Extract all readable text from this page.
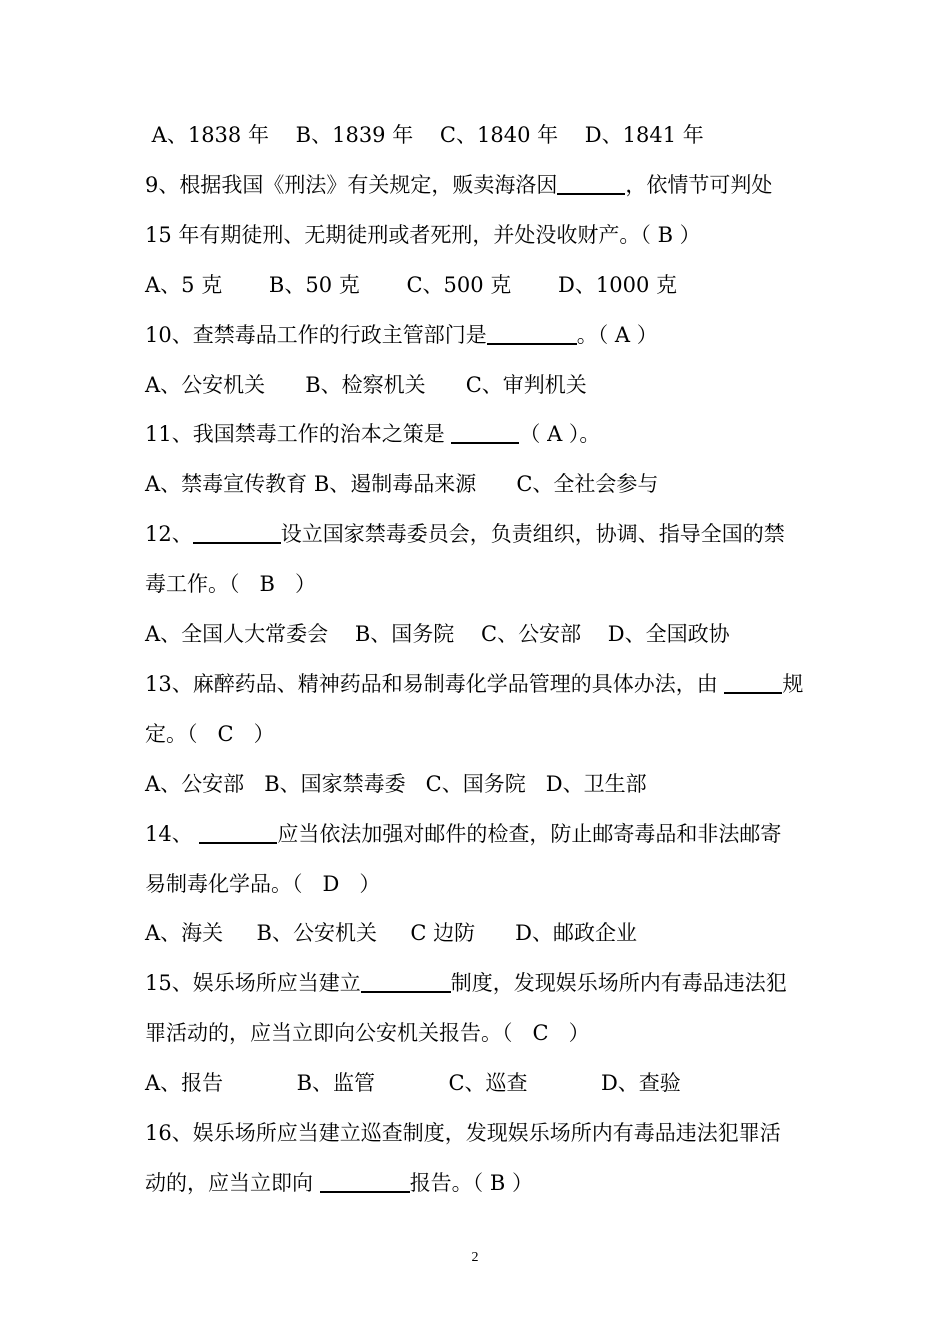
A、1838 年    B、1839 年    C、1840 年    D、1841 年
9、根据我国《刑法》有关规定，贩卖海洛因	，依情节可判处
15 年有期徒刑、无期徒刑或者死刑，并处没收财产。（ B ）
A、5 克       B、50 克       C、500 克       D、1000 克
10、查禁毒品工作的行政主管部门是	。（ A ）
A、公安机关      B、检察机关      C、审判机关
11、我国禁毒工作的治本之策是	（ A ）。
A、禁毒宣传教育 B、遏制毒品来源      C、全社会参与
12、	设立国家禁毒委员会，负责组织，协调、指导全国的禁
毒工作。（   B   ）
A、全国人大常委会    B、国务院    C、公安部    D、全国政协
13、麻醉药品、精神药品和易制毒化学品管理的具体办法，由	规
定。（   C   ）
A、公安部   B、国家禁毒委   C、国务院   D、卫生部
14、	应当依法加强对邮件的检查，防止邮寄毒品和非法邮寄
易制毒化学品。（   D   ）
A、海关     B、公安机关     C 边防      D、邮政企业
15、娱乐场所应当建立	制度，发现娱乐场所内有毒品违法犯
罪活动的，应当立即向公安机关报告。（   C   ）
A、报告           B、监管           C、巡查           D、查验
16、娱乐场所应当建立巡查制度，发现娱乐场所内有毒品违法犯罪活
动的，应当立即向	报告。（ B ）
2
